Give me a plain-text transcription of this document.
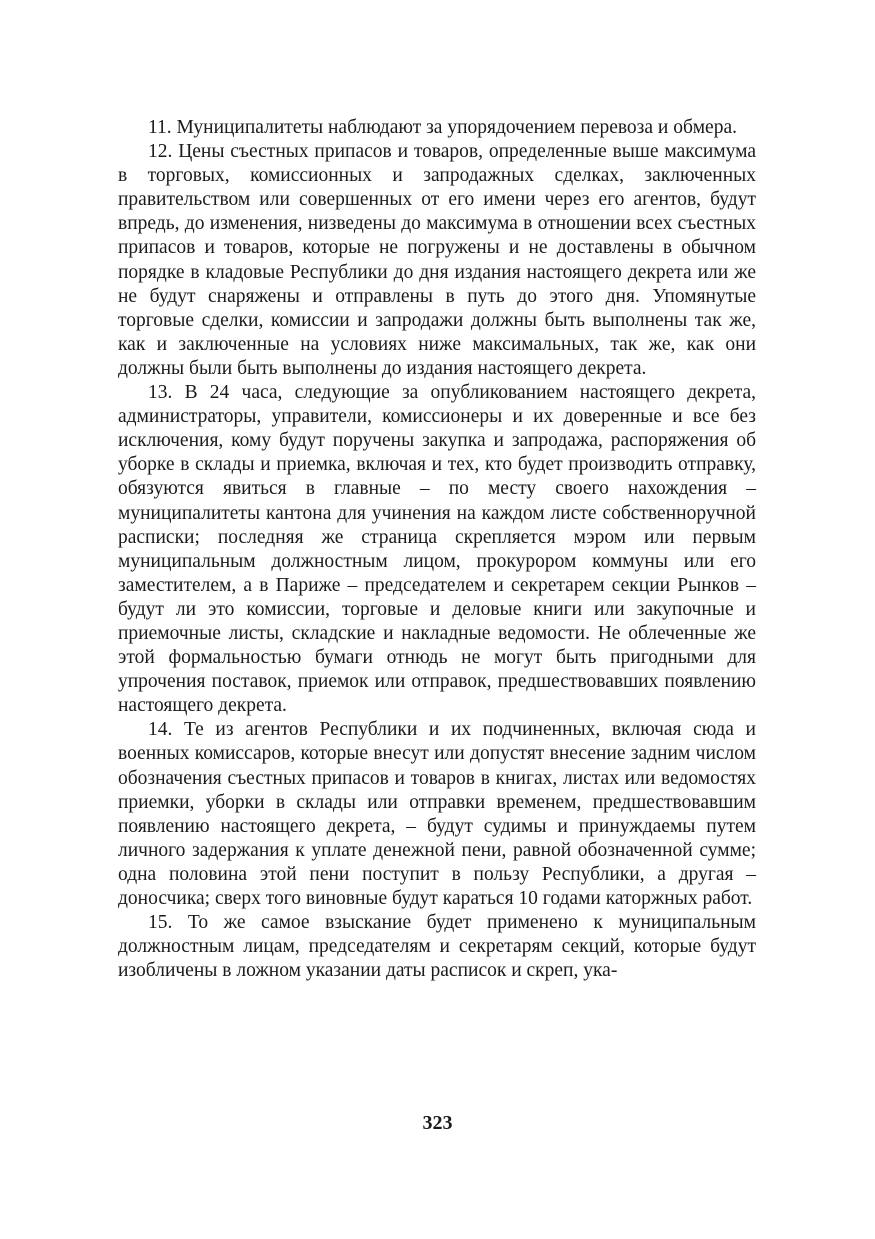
11. Муниципалитеты наблюдают за упорядочением перевоза и обмера.

12. Цены съестных припасов и товаров, определенные выше максимума в торговых, комиссионных и запродажных сделках, заключенных правительством или совершенных от его имени через его агентов, будут впредь, до изменения, низведены до максимума в отношении всех съестных припасов и товаров, которые не погружены и не доставлены в обычном порядке в кладовые Республики до дня издания настоящего декрета или же не будут снаряжены и отправлены в путь до этого дня. Упомянутые торговые сделки, комиссии и запродажи должны быть выполнены так же, как и заключенные на условиях ниже максимальных, так же, как они должны были быть выполнены до издания настоящего декрета.

13. В 24 часа, следующие за опубликованием настоящего декрета, администраторы, управители, комиссионеры и их доверенные и все без исключения, кому будут поручены закупка и запродажа, распоряжения об уборке в склады и приемка, включая и тех, кто будет производить отправку, обязуются явиться в главные – по месту своего нахождения – муниципалитеты кантона для учинения на каждом листе собственноручной расписки; последняя же страница скрепляется мэром или первым муниципальным должностным лицом, прокурором коммуны или его заместителем, а в Париже – председателем и секретарем секции Рынков – будут ли это комиссии, торговые и деловые книги или закупочные и приемочные листы, складские и накладные ведомости. Не облеченные же этой формальностью бумаги отнюдь не могут быть пригодными для упрочения поставок, приемок или отправок, предшествовавших появлению настоящего декрета.

14. Те из агентов Республики и их подчиненных, включая сюда и военных комиссаров, которые внесут или допустят внесение задним числом обозначения съестных припасов и товаров в книгах, листах или ведомостях приемки, уборки в склады или отправки временем, предшествовавшим появлению настоящего декрета, – будут судимы и принуждаемы путем личного задержания к уплате денежной пени, равной обозначенной сумме; одна половина этой пени поступит в пользу Республики, а другая – доносчика; сверх того виновные будут караться 10 годами каторжных работ.

15. То же самое взыскание будет применено к муниципальным должностным лицам, председателям и секретарям секций, которые будут изобличены в ложном указании даты расписок и скреп, ука-

323
